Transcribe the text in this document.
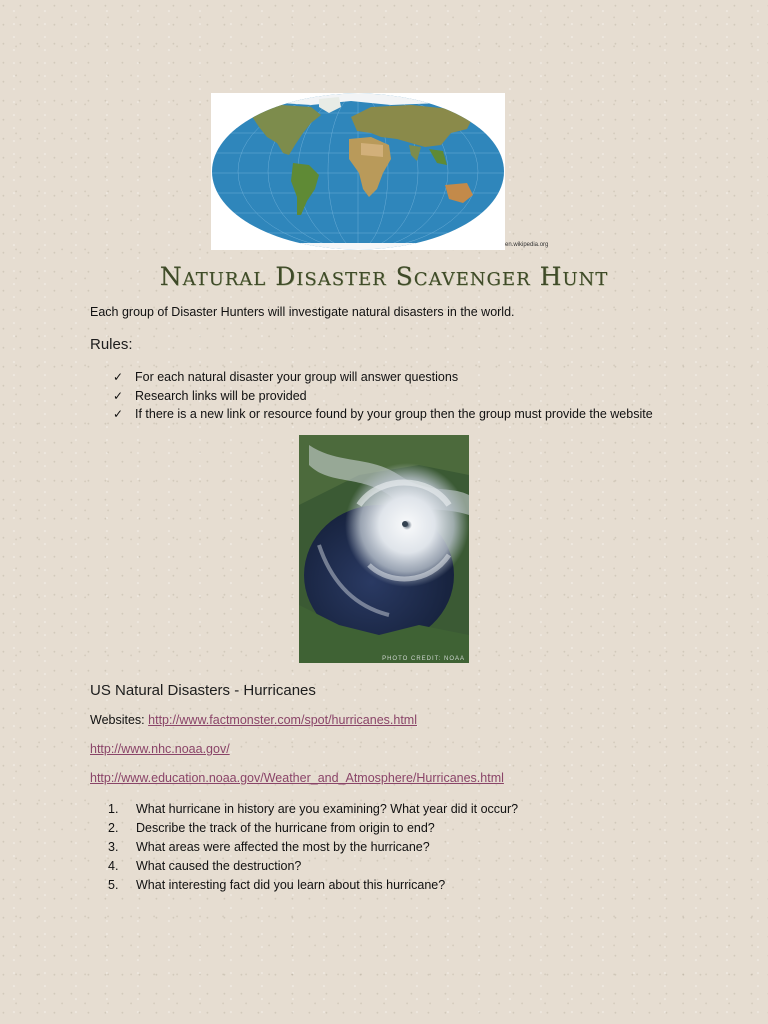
en.wikipedia.org
Natural Disaster Scavenger Hunt
Each group of Disaster Hunters will investigate natural disasters in the world.
Rules:
✓ For each natural disaster your group will answer questions
✓ Research links will be provided
✓ If there is a new link or resource found by your group then the group must provide the website
PHOTO CREDIT: NOAA
US Natural Disasters - Hurricanes
Websites: http://www.factmonster.com/spot/hurricanes.html
http://www.nhc.noaa.gov/
http://www.education.noaa.gov/Weather_and_Atmosphere/Hurricanes.html
1.	What hurricane in history are you examining? What year did it occur?
2.	Describe the track of the hurricane from origin to end?
3.	What areas were affected the most by the hurricane?
4.	What caused the destruction?
5.	What interesting fact did you learn about this hurricane?
